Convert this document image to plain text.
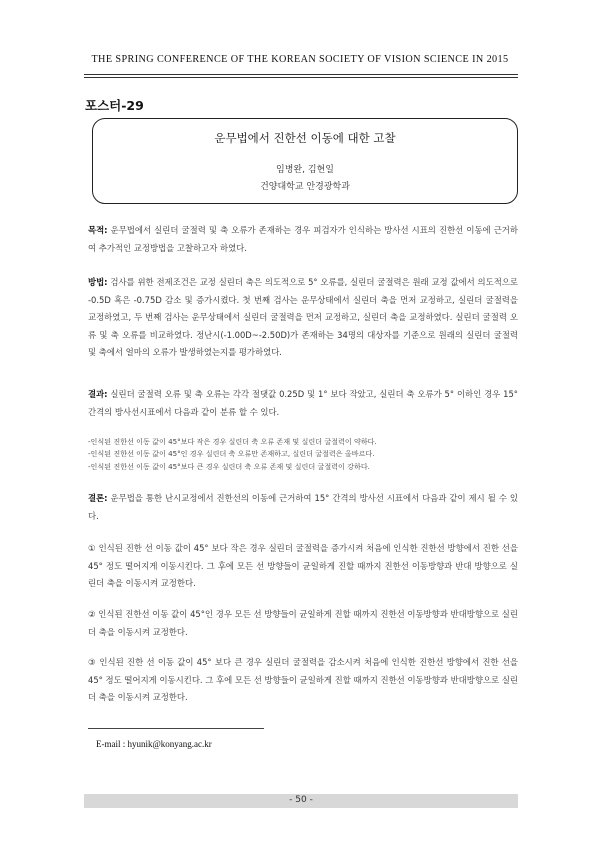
THE SPRING CONFERENCE OF THE KOREAN SOCIETY OF VISION SCIENCE IN 2015
포스터-29
운무법에서 진한선 이동에 대한 고찰
임병완, 김현일
건양대학교 안경광학과

목적: 운무법에서 실린더 굴절력 및 축 오류가 존재하는 경우 피검자가 인식하는 방사선 시표의 진한선 이동에 근거하여 추가적인 교정방법을 고찰하고자 하였다.

방법: 검사를 위한 전제조건은 교정 실린더 축은 의도적으로 5° 오류를, 실린더 굴절력은 원래 교정 값에서 의도적으로 -0.5D 혹은 -0.75D 감소 및 증가시켰다. 첫 번째 검사는 운무상태에서 실린더 축을 먼저 교정하고, 실린더 굴절력을 교정하였고, 두 번째 검사는 운무상태에서 실린더 굴절력을 먼저 교정하고, 실린더 축을 교정하였다. 실린더 굴절력 오류 및 축 오류를 비교하였다. 정난시(-1.00D~-2.50D)가 존재하는 34명의 대상자를 기준으로 원래의 실린더 굴절력 및 축에서 얼마의 오류가 발생하였는지를 평가하였다.

결과: 실린더 굴절력 오류 및 축 오류는 각각 절댓값 0.25D 및 1° 보다 작았고, 실린더 축 오류가 5° 이하인 경우 15° 간격의 방사선시표에서 다음과 같이 분류 할 수 있다.

-인식된 진한선 이동 값이 45°보다 작은 경우 실린더 축 오류 존재 및 실린더 굴절력이 약하다.
-인식된 진한선 이동 값이 45°인 경우 실린더 축 오류만 존재하고, 실린더 굴절력은 올바르다.
-인식된 진한선 이동 값이 45°보다 큰 경우 실린더 축 오류 존재 및 실린더 굴절력이 강하다.

결론: 운무법을 통한 난시교정에서 진한선의 이동에 근거하여 15° 간격의 방사선 시표에서 다음과 같이 제시 될 수 있다.

① 인식된 진한 선 이동 값이 45° 보다 작은 경우 실린더 굴절력을 증가시켜 처음에 인식한 진한선 방향에서 진한 선을 45° 정도 떨어지게 이동시킨다. 그 후에 모든 선 방향들이 균일하게 진할 때까지 진한선 이동방향과 반대 방향으로 실린더 축을 이동시켜 교정한다.

② 인식된 진한선 이동 값이 45°인 경우 모든 선 방향들이 균일하게 진할 때까지 진한선 이동방향과 반대방향으로 실린더 축을 이동시켜 교정한다.

③ 인식된 진한 선 이동 값이 45° 보다 큰 경우 실린더 굴절력을 감소시켜 처음에 인식한 진한선 방향에서 진한 선을 45° 정도 떨어지게 이동시킨다. 그 후에 모든 선 방향들이 균일하게 진할 때까지 진한선 이동방향과 반대방향으로 실린더 축을 이동시켜 교정한다.

E-mail : hyunik@konyang.ac.kr
- 50 -
